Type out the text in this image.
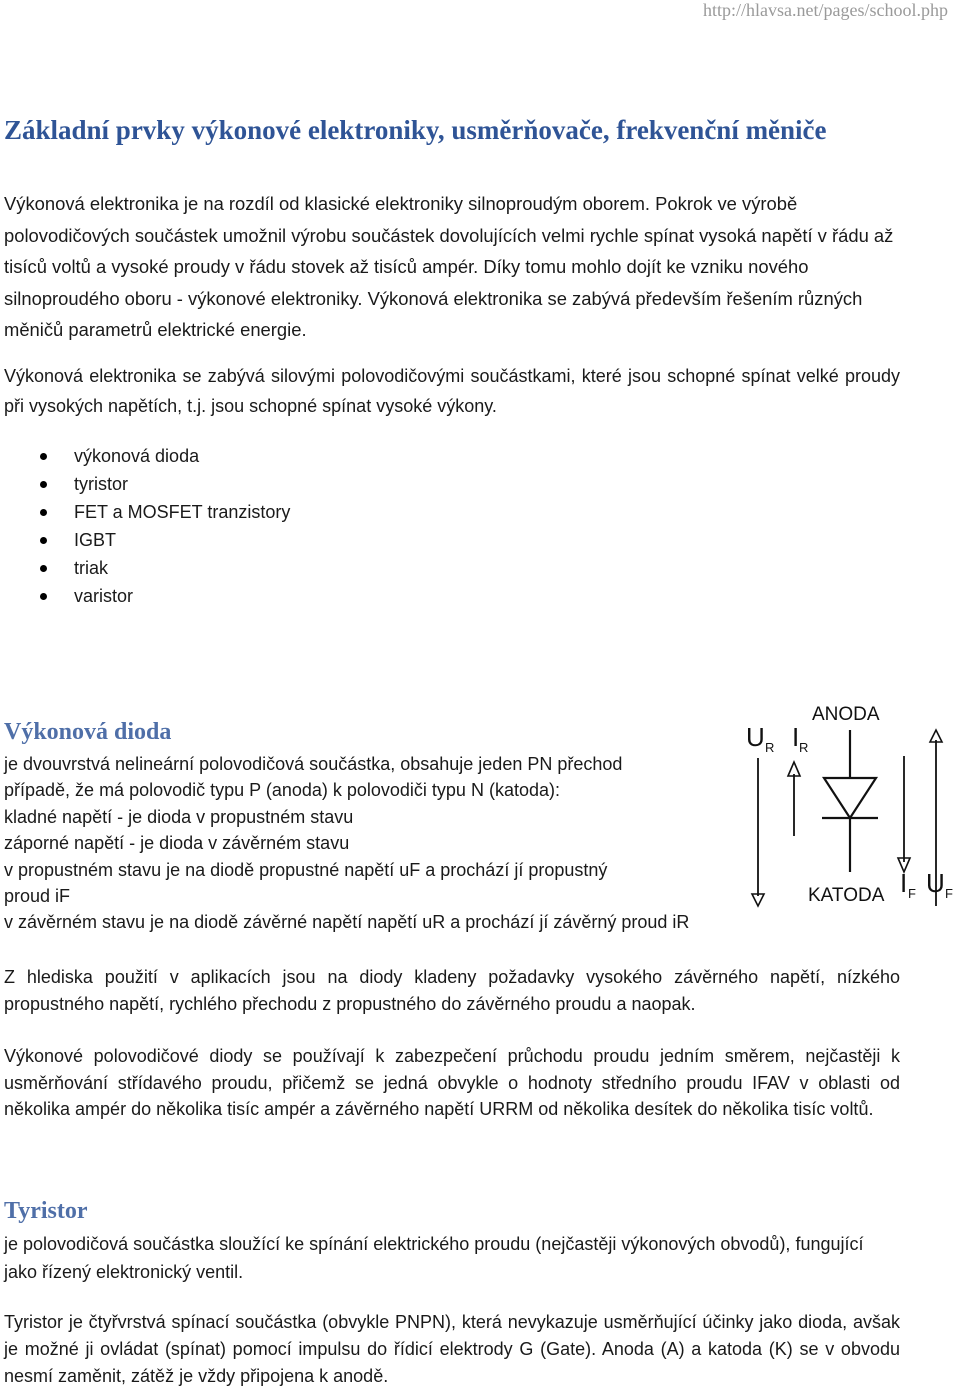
http://hlavsa.net/pages/school.php
Základní prvky výkonové elektroniky, usměrňovače, frekvenční měniče

Výkonová elektronika je na rozdíl od klasické elektroniky silnoproudým oborem. Pokrok ve výrobě polovodičových součástek umožnil výrobu součástek dovolujících velmi rychle spínat vysoká napětí v řádu až tisíců voltů a vysoké proudy v řádu stovek až tisíců ampér. Díky tomu mohlo dojít ke vzniku nového silnoproudého oboru - výkonové elektroniky. Výkonová elektronika se zabývá především řešením různých měničů parametrů elektrické energie.

Výkonová elektronika se zabývá silovými polovodičovými součástkami, které jsou schopné spínat velké proudy při vysokých napětích, t.j. jsou schopné spínat vysoké výkony.

výkonová dioda
tyristor
FET a MOSFET tranzistory
IGBT
triak
varistor
Výkonová dioda
je dvouvrstvá nelineární polovodičová součástka, obsahuje jeden PN přechod
případě, že má polovodič typu P (anoda) k polovodiči typu N (katoda):
kladné napětí - je dioda v propustném stavu
záporné napětí - je dioda v závěrném stavu
v propustném stavu je na diodě propustné napětí uF a prochází jí propustný
proud iF
v závěrném stavu je na diodě závěrné napětí napětí uR a prochází jí závěrný proud iR
ANODA
KATODA
U R I R
I F U F

Z hlediska použití v aplikacích jsou na diody kladeny požadavky vysokého závěrného napětí, nízkého propustného napětí, rychlého přechodu z propustného do závěrného proudu a naopak.

Výkonové polovodičové diody se používají k zabezpečení průchodu proudu jedním směrem, nejčastěji k usměrňování střídavého proudu, přičemž se jedná obvykle o hodnoty středního proudu IFAV v oblasti od několika ampér do několika tisíc ampér a závěrného napětí URRM od několika desítek do několika tisíc voltů.

Tyristor

je polovodičová součástka sloužící ke spínání elektrického proudu (nejčastěji výkonových obvodů), fungující jako řízený elektronický ventil.

Tyristor je čtyřvrstvá spínací součástka (obvykle PNPN), která nevykazuje usměrňující účinky jako dioda, avšak je možné ji ovládat (spínat) pomocí impulsu do řídicí elektrody G (Gate). Anoda (A) a katoda (K) se v obvodu nesmí zaměnit, zátěž je vždy připojena k anodě.
